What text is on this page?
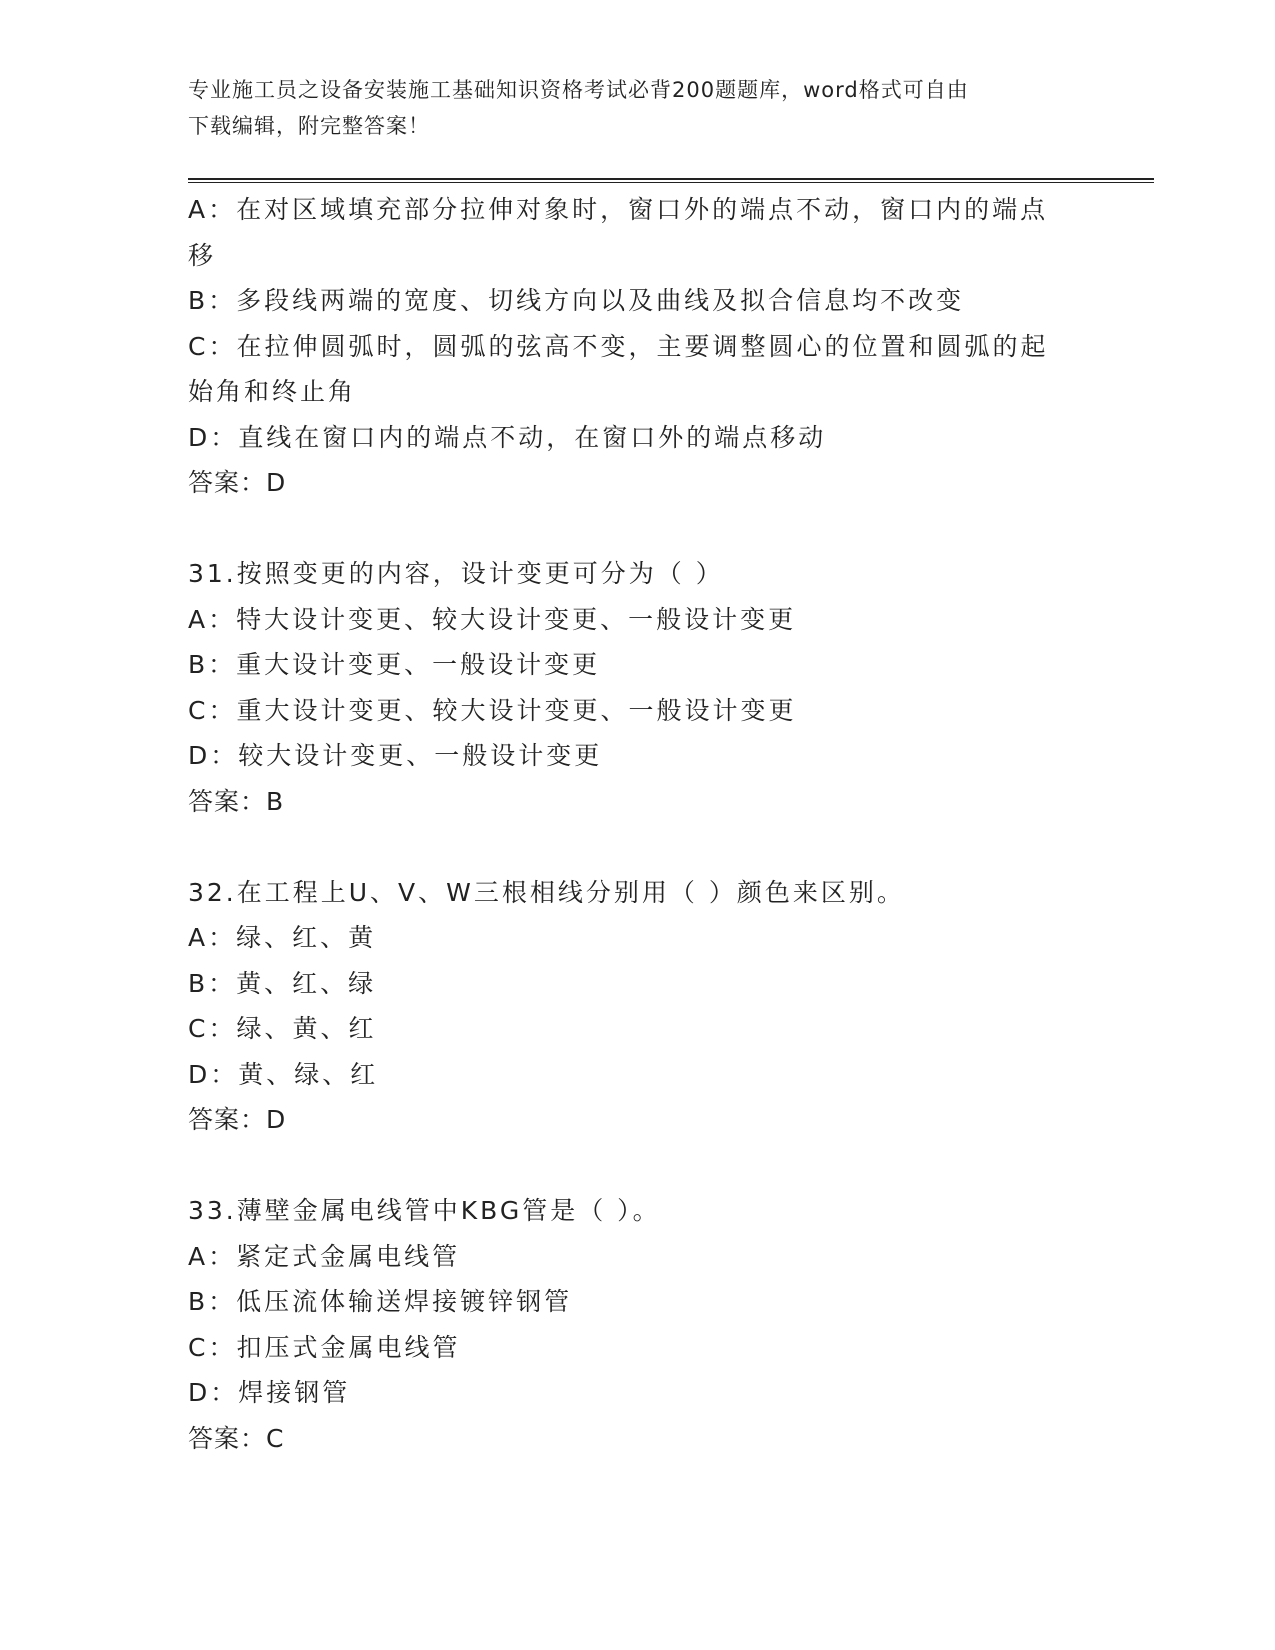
专业施工员之设备安装施工基础知识资格考试必背200题题库，word格式可自由
下载编辑，附完整答案！
A：在对区域填充部分拉伸对象时，窗口外的端点不动，窗口内的端点
移
B：多段线两端的宽度、切线方向以及曲线及拟合信息均不改变
C：在拉伸圆弧时，圆弧的弦高不变，主要调整圆心的位置和圆弧的起
始角和终止角
D：直线在窗口内的端点不动，在窗口外的端点移动
答案：D
31.按照变更的内容，设计变更可分为（ ）
A：特大设计变更、较大设计变更、一般设计变更
B：重大设计变更、一般设计变更
C：重大设计变更、较大设计变更、一般设计变更
D：较大设计变更、一般设计变更
答案：B
32.在工程上U、V、W三根相线分别用（ ）颜色来区别。
A：绿、红、黄
B：黄、红、绿
C：绿、黄、红
D：黄、绿、红
答案：D
33.薄壁金属电线管中KBG管是（ ）。
A：紧定式金属电线管
B：低压流体输送焊接镀锌钢管
C：扣压式金属电线管
D：焊接钢管
答案：C
